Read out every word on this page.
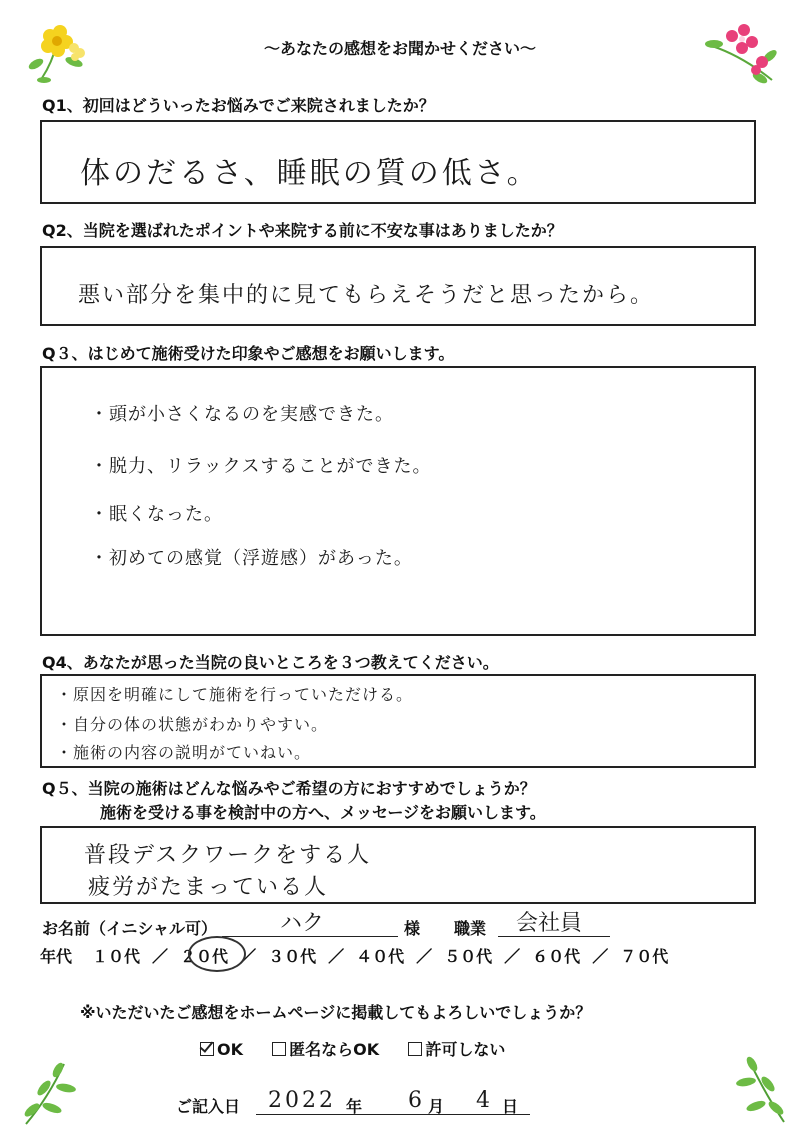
～あなたの感想をお聞かせください～
Q1、初回はどういったお悩みでご来院されましたか？
体のだるさ、睡眠の質の低さ。
Q2、当院を選ばれたポイントや来院する前に不安な事はありましたか？
悪い部分を集中的に見てもらえそうだと思ったから。
Q３、はじめて施術受けた印象やご感想をお願いします。
・頭が小さくなるのを実感できた。
・脱力、リラックスすることができた。
・眠くなった。
・初めての感覚（浮遊感）があった。
Q4、あなたが思った当院の良いところを３つ教えてください。
・原因を明確にして施術を行っていただける。
・自分の体の状態がわかりやすい。
・施術の内容の説明がていねい。
Q５、当院の施術はどんな悩みやご希望の方におすすめでしょうか？
施術を受ける事を検討中の方へ、メッセージをお願いします。
普段デスクワークをする人
疲労がたまっている人
お名前（イニシャル可）	ハク	様 職業 会社員
年代 １０代 ／ ２０代 ／ ３０代 ／ ４０代 ／ ５０代 ／ ６０代 ／ ７０代
※いただいたご感想をホームページに掲載してもよろしいでしょうか？
OK	匿名ならOK	許可しない
ご記入日 2022 年 6 月 4 日
